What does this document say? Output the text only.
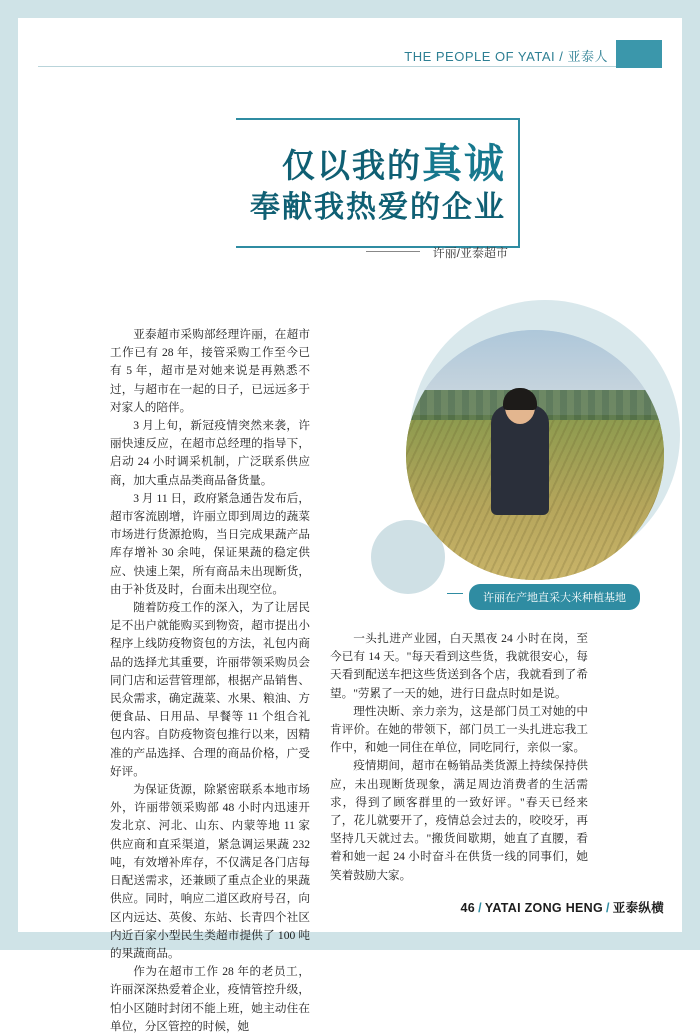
THE PEOPLE OF YATAI / 亚泰人
仅以我的真诚
奉献我热爱的企业
许丽/亚泰超市
许丽在产地直采大米种植基地

亚泰超市采购部经理许丽，在超市工作已有 28 年，接管采购工作至今已有 5 年，超市是对她来说是再熟悉不过，与超市在一起的日子，已远远多于对家人的陪伴。

3 月上旬，新冠疫情突然来袭，许丽快速反应，在超市总经理的指导下，启动 24 小时调采机制，广泛联系供应商，加大重点品类商品备货量。

3 月 11 日，政府紧急通告发布后，超市客流剧增，许丽立即到周边的蔬菜市场进行货源抢购，当日完成果蔬产品库存增补 30 余吨，保证果蔬的稳定供应、快速上架，所有商品未出现断货，由于补货及时，台面未出现空位。

随着防疫工作的深入，为了让居民足不出户就能购买到物资，超市提出小程序上线防疫物资包的方法，礼包内商品的选择尤其重要，许丽带领采购员会同门店和运营管理部，根据产品销售、民众需求，确定蔬菜、水果、粮油、方便食品、日用品、早餐等 11 个组合礼包内容。自防疫物资包推行以来，因精准的产品选择、合理的商品价格，广受好评。

为保证货源，除紧密联系本地市场外，许丽带领采购部 48 小时内迅速开发北京、河北、山东、内蒙等地 11 家供应商和直采渠道，紧急调运果蔬 232 吨，有效增补库存，不仅满足各门店每日配送需求，还兼顾了重点企业的果蔬供应。同时，响应二道区政府号召，向区内远达、英俊、东站、长青四个社区内近百家小型民生类超市提供了 100 吨的果蔬商品。

作为在超市工作 28 年的老员工，许丽深深热爱着企业，疫情管控升级，怕小区随时封闭不能上班，她主动住在单位，分区管控的时候，她

一头扎进产业园，白天黑夜 24 小时在岗，至今已有 14 天。"每天看到这些货，我就很安心，每天看到配送车把这些货送到各个店，我就看到了希望。"劳累了一天的她，进行日盘点时如是说。

理性决断、亲力亲为，这是部门员工对她的中肯评价。在她的带领下，部门员工一头扎进忘我工作中，和她一同住在单位，同吃同行，亲似一家。

疫情期间，超市在畅销品类货源上持续保持供应，未出现断货现象，满足周边消费者的生活需求，得到了顾客群里的一致好评。"春天已经来了，花儿就要开了，疫情总会过去的，咬咬牙，再坚持几天就过去。"搬货间歇期，她直了直腰，看着和她一起 24 小时奋斗在供货一线的同事们，她笑着鼓励大家。

46 / YATAI ZONG HENG / 亚泰纵横
